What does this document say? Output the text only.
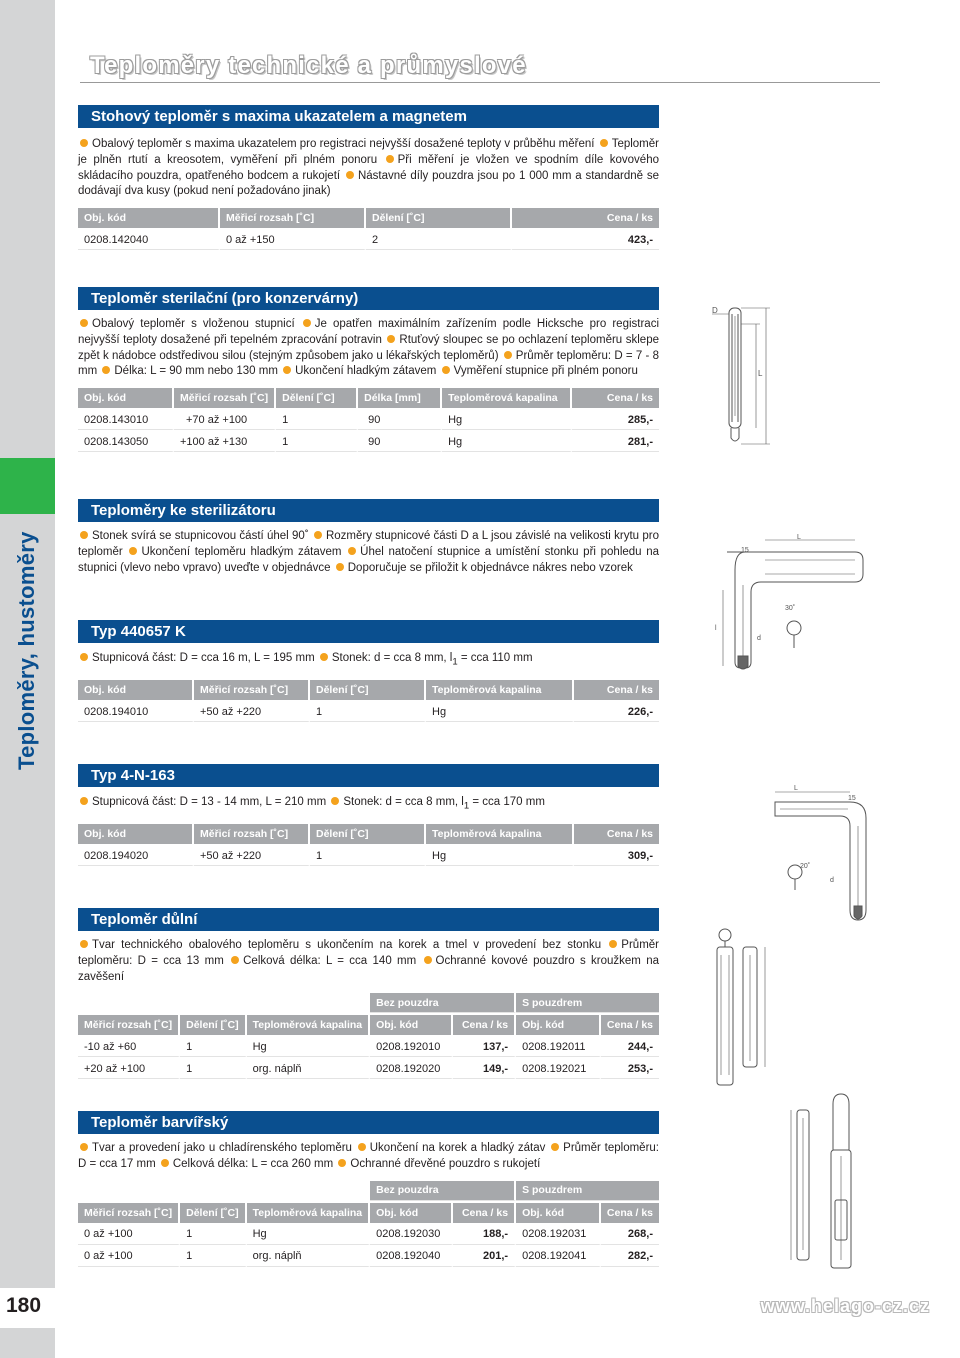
Teploměry, hustoměry
180	www.helago-cz.cz
Teploměry technické a průmyslové
Stohový teploměr s maxima ukazatelem a magnetem
Obalový teploměr s maxima ukazatelem pro registraci nejvyšší dosažené teploty v průběhu měření Teploměr je plněn rtutí a kreosotem, vyměření při plném ponoru Při měření je vložen ve spodním díle kovového skládacího pouzdra, opatřeného bodcem a rukojetí Nástavné díly pouzdra jsou po 1 000 mm a standardně se dodávají dva kusy (pokud není požadováno jinak)
Obj. kód	Měřicí rozsah [˚C]	Dělení [˚C]	Cena / ks
0208.142040	0 až +150	2	423,-
Teploměr sterilační (pro konzervárny)
Obalový teploměr s vloženou stupnicí Je opatřen maximálním zařízením podle Hicksche pro registraci nejvyšší teploty dosažené při tepelném zpracování potravin Rtuťový sloupec se po ochlazení teploměru sklepe zpět k nádobce odstředivou silou (stejným způsobem jako u lékařských teploměrů) Průměr teploměru: D = 7 - 8 mm Délka: L = 90 mm nebo 130 mm Ukončení hladkým zátavem Vyměření stupnice při plném ponoru
Obj. kód	Měřicí rozsah [˚C]	Dělení [˚C]	Délka [mm]	Teploměrová kapalina	Cena / ks
0208.143010	+70 až +100	1	90	Hg	285,-
0208.143050	+100 až +130	1	90	Hg	281,-
Teploměry ke sterilizátoru
Stonek svírá se stupnicovou částí úhel 90˚ Rozměry stupnicové části D a L jsou závislé na velikosti krytu pro teploměr Ukončení teploměru hladkým zátavem Úhel natočení stupnice a umístění stonku při pohledu na stupnici (vlevo nebo vpravo) uveďte v objednávce Doporučuje se přiložit k objednávce nákres nebo vzorek
Typ 440657 K
Stupnicová část: D = cca 16 m, L = 195 mm Stonek: d = cca 8 mm, $l_1$ = cca 110 mm
Obj. kód	Měřicí rozsah [˚C]	Dělení [˚C]	Teploměrová kapalina	Cena / ks
0208.194010	+50 až +220	1	Hg	226,-
Typ 4-N-163
Stupnicová část: D = 13 - 14 mm, L = 210 mm Stonek: d = cca 8 mm, $l_1$ = cca 170 mm
Obj. kód	Měřicí rozsah [˚C]	Dělení [˚C]	Teploměrová kapalina	Cena / ks
0208.194020	+50 až +220	1	Hg	309,-
Teploměr důlní
Tvar technického obalového teploměru s ukončením na korek a tmel v provedení bez stonku Průměr teploměru: D = cca 13 mm Celková délka: L = cca 140 mm Ochranné kovové pouzdro s kroužkem na zavěšení
			Bez pouzdra		S pouzdrem	
Měřicí rozsah [˚C]	Dělení [˚C]	Teploměrová kapalina	Obj. kód	Cena / ks	Obj. kód	Cena / ks
-10 až +60	1	Hg	0208.192010	137,-	0208.192011	244,-
+20 až +100	1	org. náplň	0208.192020	149,-	0208.192021	253,-
Teploměr barvířský
Tvar a provedení jako u chladírenského teploměru Ukončení na korek a hladký zátav Průměr teploměru: D = cca 17 mm Celková délka: L = cca 260 mm Ochranné dřevěné pouzdro s rukojetí
			Bez pouzdra		S pouzdrem	
Měřicí rozsah [˚C]	Dělení [˚C]	Teploměrová kapalina	Obj. kód	Cena / ks	Obj. kód	Cena / ks
0 až +100	1	Hg	0208.192030	188,-	0208.192031	268,-
0 až +100	1	org. náplň	0208.192040	201,-	0208.192041	282,-
D
L
15
L
30˚
d
l
L
15
20˚
d
